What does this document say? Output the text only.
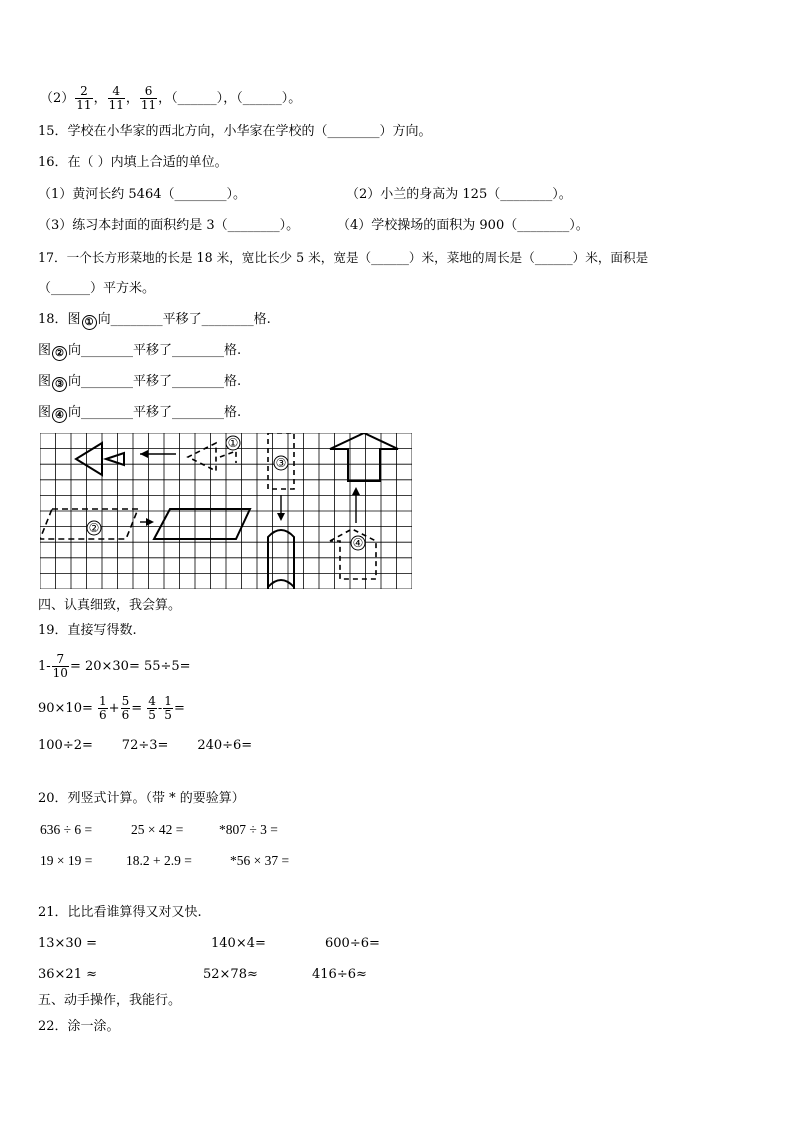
$(2) \frac{2}{11}$ ， $\frac{4}{11}$ ， $\frac{6}{11}$ ，（______），（______）。
15．学校在小华家的西北方向，小华家在学校的（________）方向。
16．在（ ）内填上合适的单位。
（1）黄河长约 5464（________）。	（2）小兰的身高为 125（________）。
（3）练习本封面的面积约是 3（________）。	（4）学校操场的面积为 900（________）。
17．一个长方形菜地的长是 18 米，宽比长少 5 米，宽是（______）米，菜地的周长是（______）米，面积是
（______）平方米。
18．图 ① 向________平移了________格.
图 ② 向________平移了________格.
图 ③ 向________平移了________格.
图 ④ 向________平移了________格.
①
②
③
④
四、认真细致，我会算。
19．直接写得数.
$1- \frac{7}{10} = 20\times 30= 55\div 5=$
$90\times 10= \frac{1}{6} + \frac{5}{6} = \frac{4}{5} - \frac{1}{5}$ =
100÷2=       72÷3=       240÷6=
20．列竖式计算。（带 * 的要验算）
636 ÷ 6 =	25 × 42 =	*807 ÷ 3 =
19 × 19 = 18.2 + 2.9 =	*56 × 37 =
21．比比看谁算得又对又快.
13×30 =	140×4=	600÷6=
36×21 ≈	52×78≈	416÷6≈
五、动手操作，我能行。
22．涂一涂。
